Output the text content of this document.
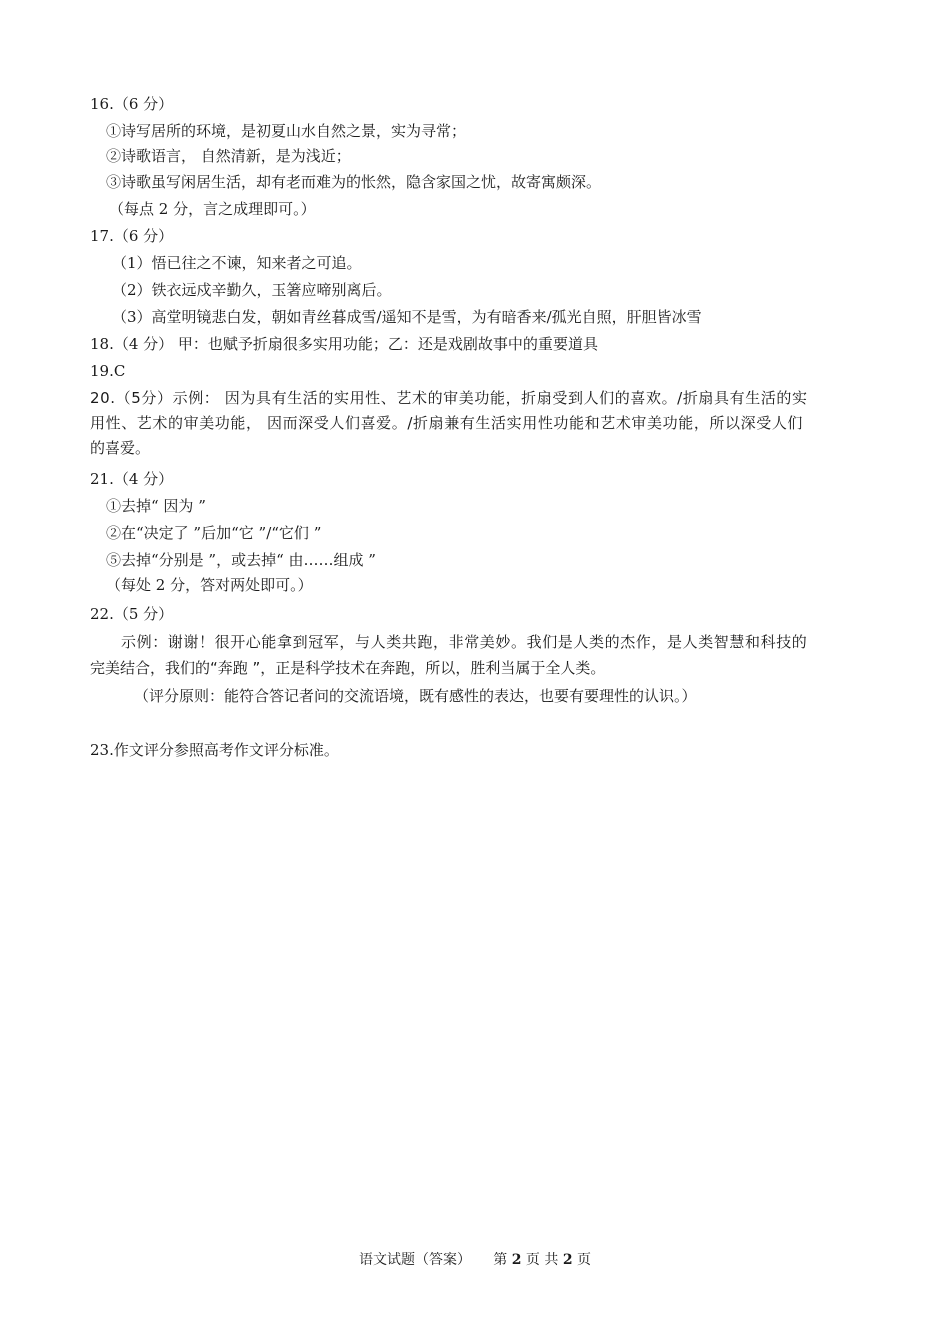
16.（6 分）
①诗写居所的环境，是初夏山水自然之景，实为寻常；
②诗歌语言， 自然清新，是为浅近；
③诗歌虽写闲居生活，却有老而难为的怅然，隐含家国之忧，故寄寓颇深。
（每点 2 分，言之成理即可。）
17.（6 分）
（1）悟已往之不谏，知来者之可追。
（2）铁衣远戍辛勤久，玉箸应啼别离后。
（3）高堂明镜悲白发，朝如青丝暮成雪/遥知不是雪，为有暗香来/孤光自照，肝胆皆冰雪
18.（4 分） 甲：也赋予折扇很多实用功能；乙：还是戏剧故事中的重要道具
19.C
20.（5分）示例： 因为具有生活的实用性、艺术的审美功能，折扇受到人们的喜欢。/折扇具有生活的实
用性、艺术的审美功能， 因而深受人们喜爱。/折扇兼有生活实用性功能和艺术审美功能，所以深受人们
的喜爱。
21.（4 分）
①去掉“ 因为 ”
②在“决定了 ”后加“它 ”/“它们 ”
⑤去掉“分别是 ”，或去掉“ 由……组成 ”
（每处 2 分，答对两处即可。）
22.（5 分）
示例：谢谢！很开心能拿到冠军，与人类共跑，非常美妙。我们是人类的杰作，是人类智慧和科技的
完美结合，我们的“奔跑 ”，正是科学技术在奔跑，所以，胜利当属于全人类。
（评分原则：能符合答记者问的交流语境，既有感性的表达，也要有要理性的认识。）
23.作文评分参照高考作文评分标准。
语文试题（答案） 第 2 页 共 2 页
